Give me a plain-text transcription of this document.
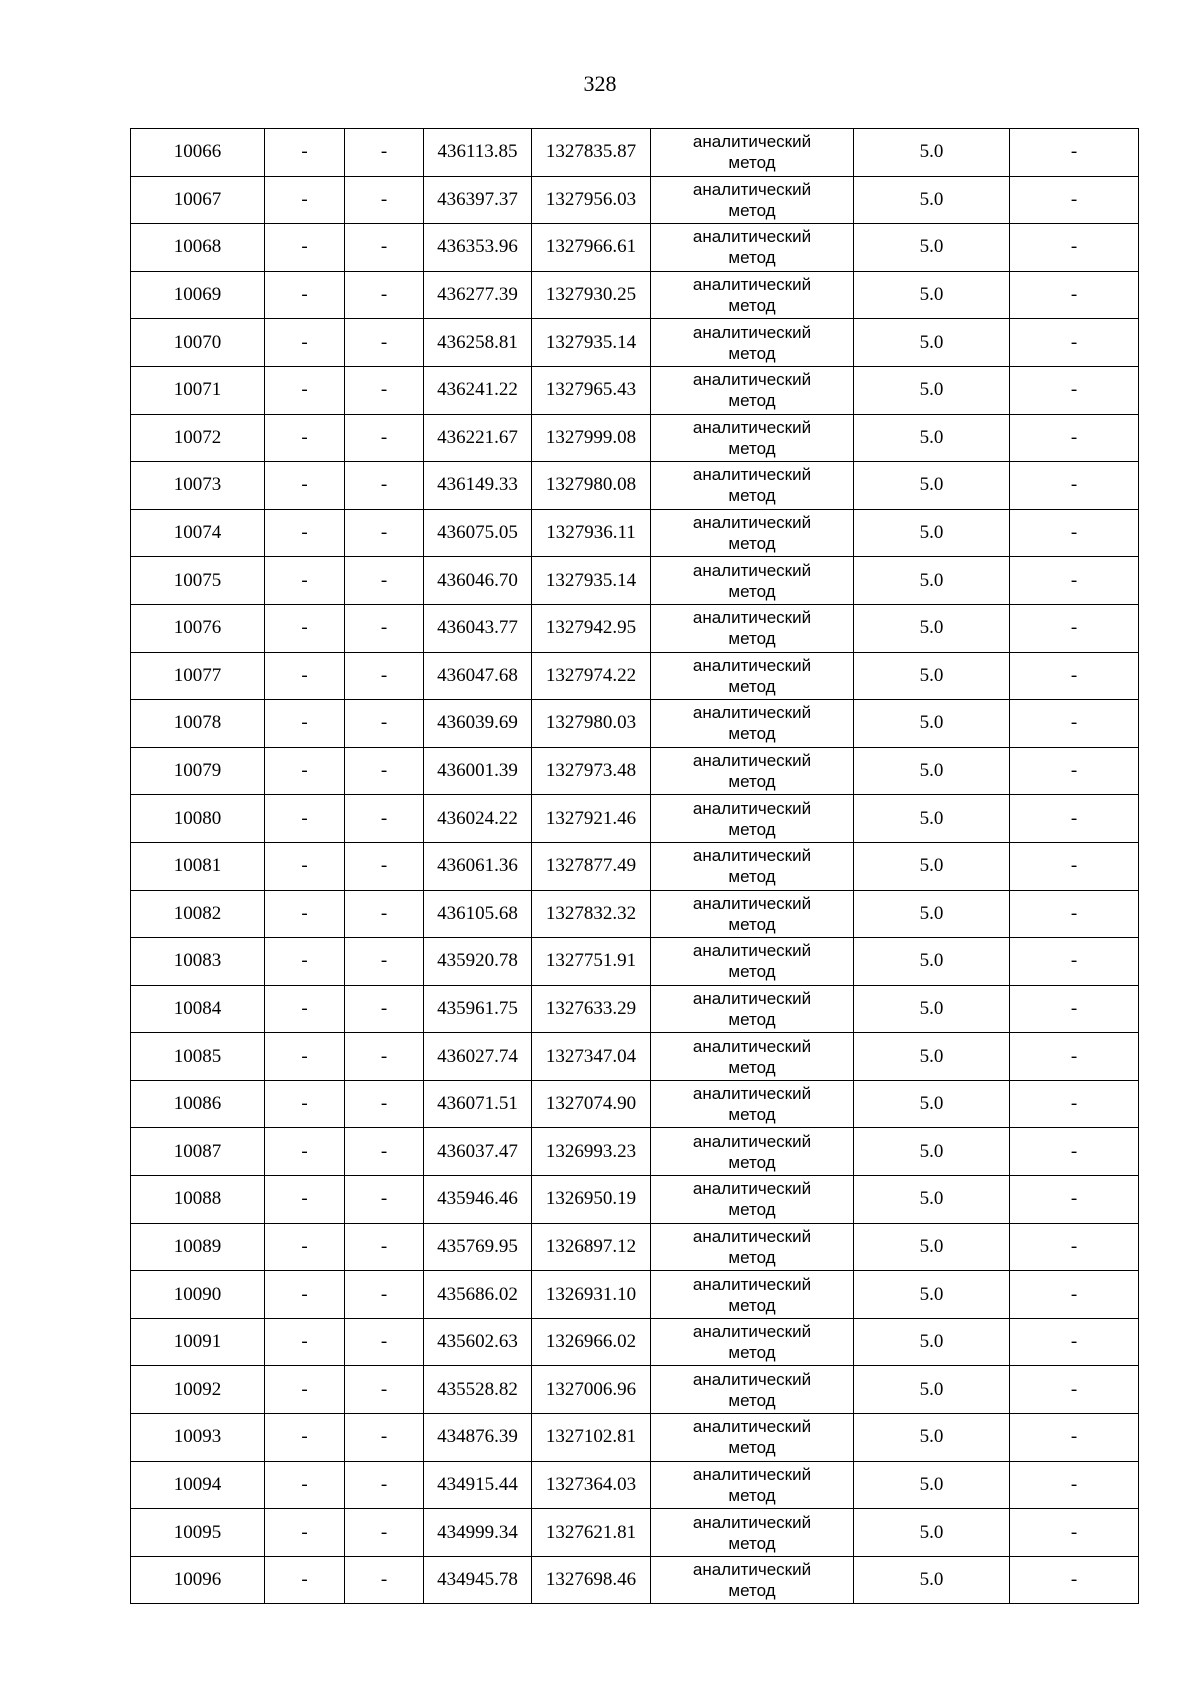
328
10066	-	-	436113.85	1327835.87	аналитический
метод	5.0	-
10067	-	-	436397.37	1327956.03	аналитический
метод	5.0	-
10068	-	-	436353.96	1327966.61	аналитический
метод	5.0	-
10069	-	-	436277.39	1327930.25	аналитический
метод	5.0	-
10070	-	-	436258.81	1327935.14	аналитический
метод	5.0	-
10071	-	-	436241.22	1327965.43	аналитический
метод	5.0	-
10072	-	-	436221.67	1327999.08	аналитический
метод	5.0	-
10073	-	-	436149.33	1327980.08	аналитический
метод	5.0	-
10074	-	-	436075.05	1327936.11	аналитический
метод	5.0	-
10075	-	-	436046.70	1327935.14	аналитический
метод	5.0	-
10076	-	-	436043.77	1327942.95	аналитический
метод	5.0	-
10077	-	-	436047.68	1327974.22	аналитический
метод	5.0	-
10078	-	-	436039.69	1327980.03	аналитический
метод	5.0	-
10079	-	-	436001.39	1327973.48	аналитический
метод	5.0	-
10080	-	-	436024.22	1327921.46	аналитический
метод	5.0	-
10081	-	-	436061.36	1327877.49	аналитический
метод	5.0	-
10082	-	-	436105.68	1327832.32	аналитический
метод	5.0	-
10083	-	-	435920.78	1327751.91	аналитический
метод	5.0	-
10084	-	-	435961.75	1327633.29	аналитический
метод	5.0	-
10085	-	-	436027.74	1327347.04	аналитический
метод	5.0	-
10086	-	-	436071.51	1327074.90	аналитический
метод	5.0	-
10087	-	-	436037.47	1326993.23	аналитический
метод	5.0	-
10088	-	-	435946.46	1326950.19	аналитический
метод	5.0	-
10089	-	-	435769.95	1326897.12	аналитический
метод	5.0	-
10090	-	-	435686.02	1326931.10	аналитический
метод	5.0	-
10091	-	-	435602.63	1326966.02	аналитический
метод	5.0	-
10092	-	-	435528.82	1327006.96	аналитический
метод	5.0	-
10093	-	-	434876.39	1327102.81	аналитический
метод	5.0	-
10094	-	-	434915.44	1327364.03	аналитический
метод	5.0	-
10095	-	-	434999.34	1327621.81	аналитический
метод	5.0	-
10096	-	-	434945.78	1327698.46	аналитический
метод	5.0	-
